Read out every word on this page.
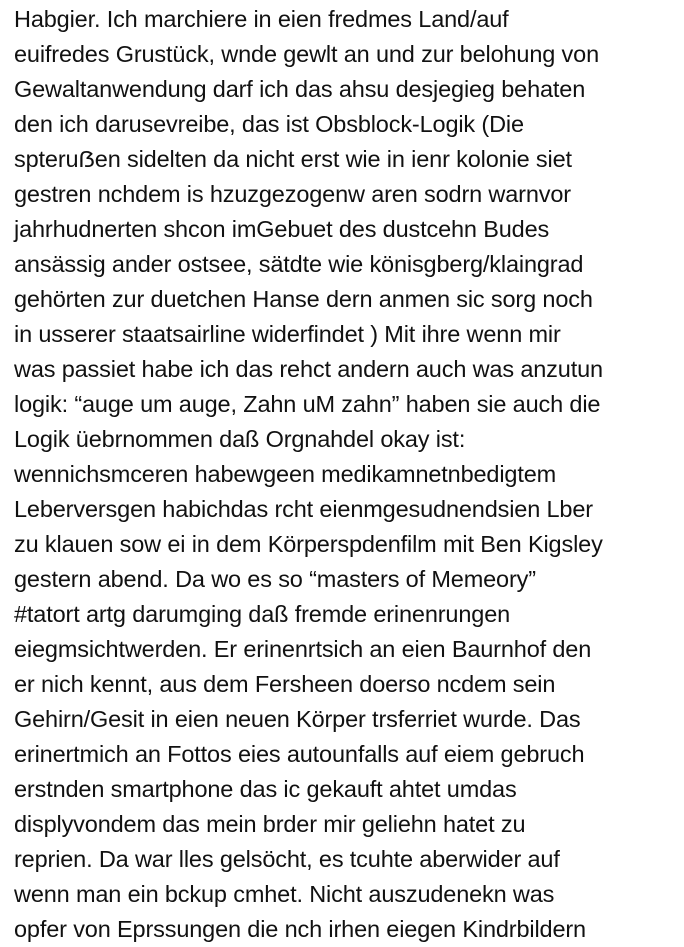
Habgier. Ich marchiere in eien fredmes Land/auf
euifredes Grustück, wnde gewlt an und zur belohung von
Gewaltanwendung darf ich das ahsu desjegieg behaten
den ich darusevreibe, das ist Obsblock-Logik (Die
spteruẞen sidelten da nicht erst wie in ienr kolonie siet
gestren nchdem is hzuzgezogenw aren sodrn warnvor
jahrhudnerten shcon imGebuet des dustcehn Budes
ansässig ander ostsee, sätdte wie könisgberg/klaingrad
gehörten zur duetchen Hanse dern anmen sic sorg noch
in usserer staatsairline widerfindet ) Mit ihre wenn mir
was passiet habe ich das rehct andern auch was anzutun
logik: “auge um auge, Zahn uM zahn” haben sie auch die
Logik üebrnommen daß Orgnahdel okay ist:
wennichsmceren habewgeen medikamnetnbedigtem
Leberversgen habichdas rcht eienmgesudnendsien Lber
zu klauen sow ei in dem Körperspdenfilm mit Ben Kigsley
gestern abend. Da wo es so “masters of Memeory”
#tatort artg darumging daß fremde erinenrungen
eiegmsichtwerden. Er erinenrtsich an eien Baurnhof den
er nich kennt, aus dem Fersheen doerso ncdem sein
Gehirn/Gesit in eien neuen Körper trsferriet wurde. Das
erinertmich an Fottos eies autounfalls auf eiem gebruch
erstnden smartphone das ic gekauft ahtet umdas
displyvondem das mein brder mir geliehn hatet zu
reprien. Da war lles gelsöcht, es tcuhte aberwider auf
wenn man ein bckup cmhet. Nicht auszudenekn was
opfer von Eprssungen die nch irhen eiegen Kindrbildern
